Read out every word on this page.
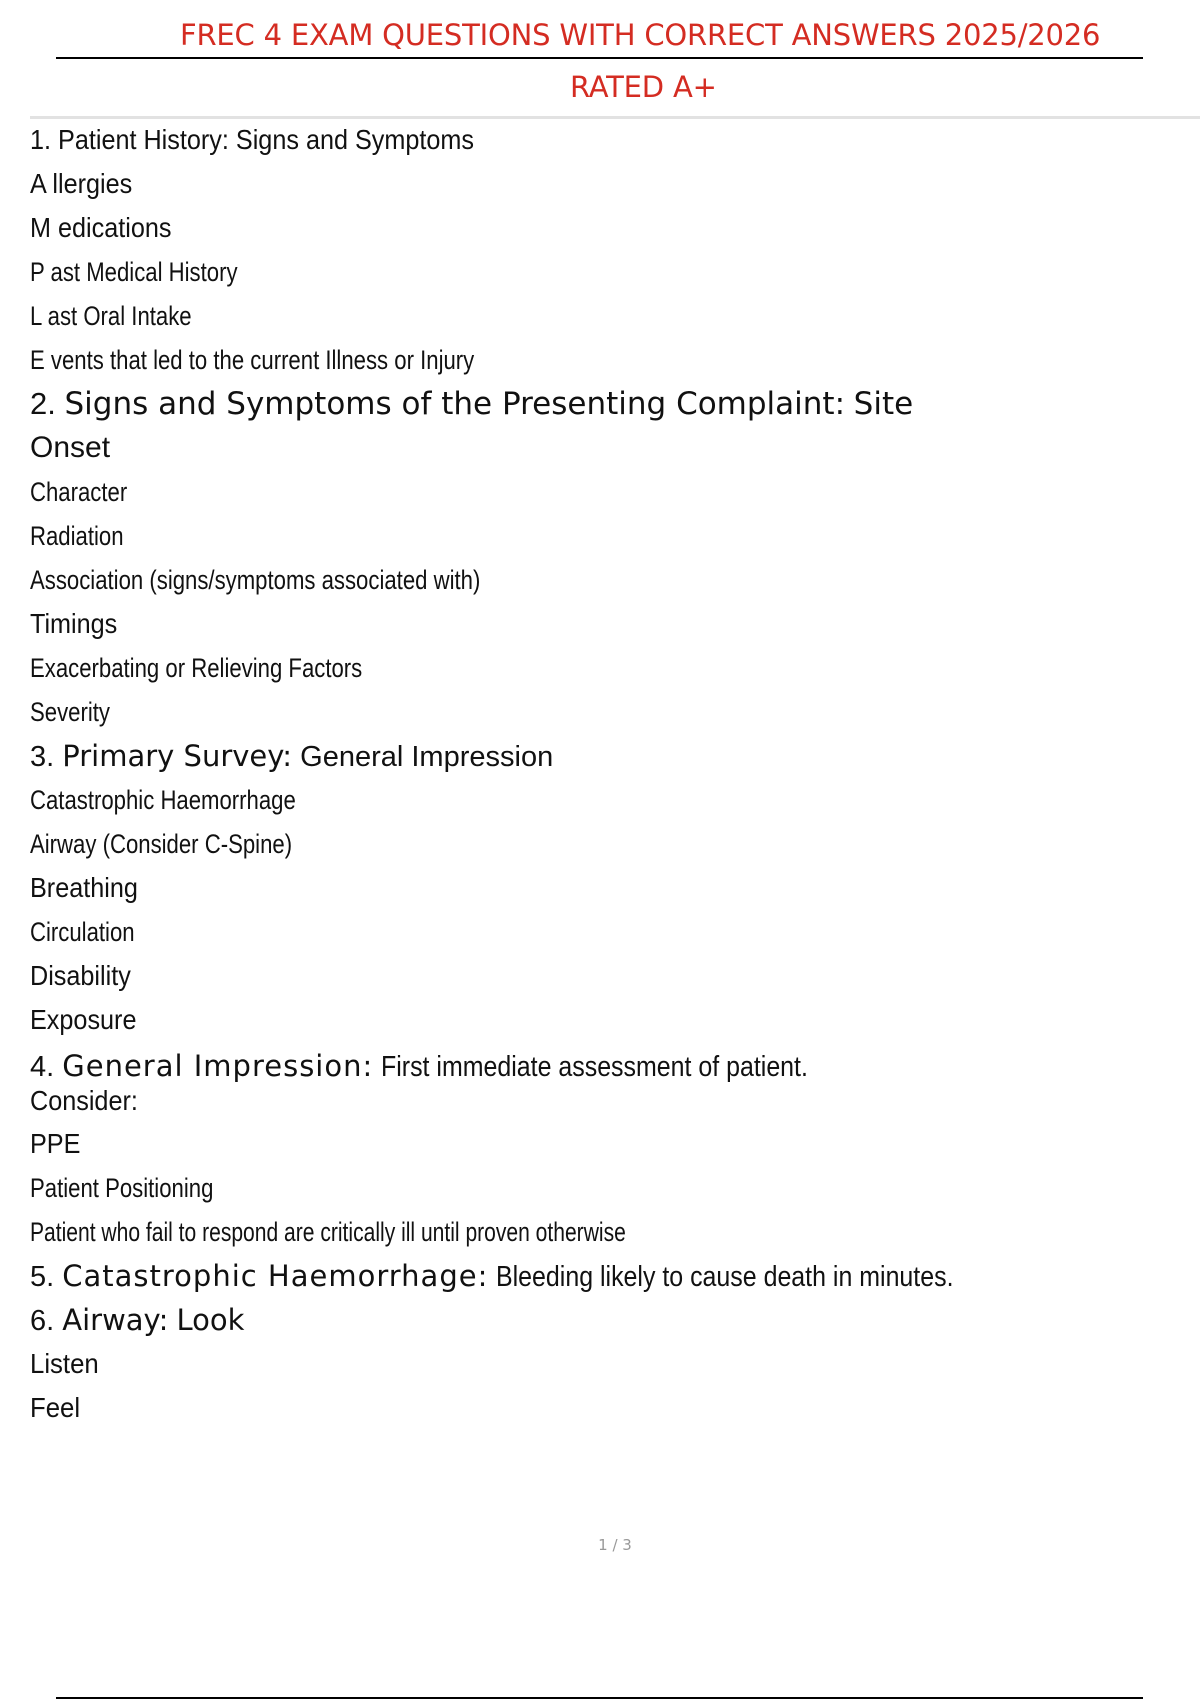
FREC 4 EXAM QUESTIONS WITH CORRECT ANSWERS 2025/2026
RATED A+
1. Patient History: Signs and Symptoms
A llergies
M edications
P ast Medical History
L ast Oral Intake
E vents that led to the current Illness or Injury
2. Signs and Symptoms of the Presenting Complaint: Site
Onset
Character
Radiation
Association (signs/symptoms associated with)
Timings
Exacerbating or Relieving Factors
Severity
3. Primary Survey: General Impression
Catastrophic Haemorrhage
Airway (Consider C-Spine)
Breathing
Circulation
Disability
Exposure
4. General Impression: First immediate assessment of patient.
Consider:
PPE
Patient Positioning
Patient who fail to respond are critically ill until proven otherwise
5. Catastrophic Haemorrhage: Bleeding likely to cause death in minutes.
6. Airway: Look
Listen
Feel
1 / 3
